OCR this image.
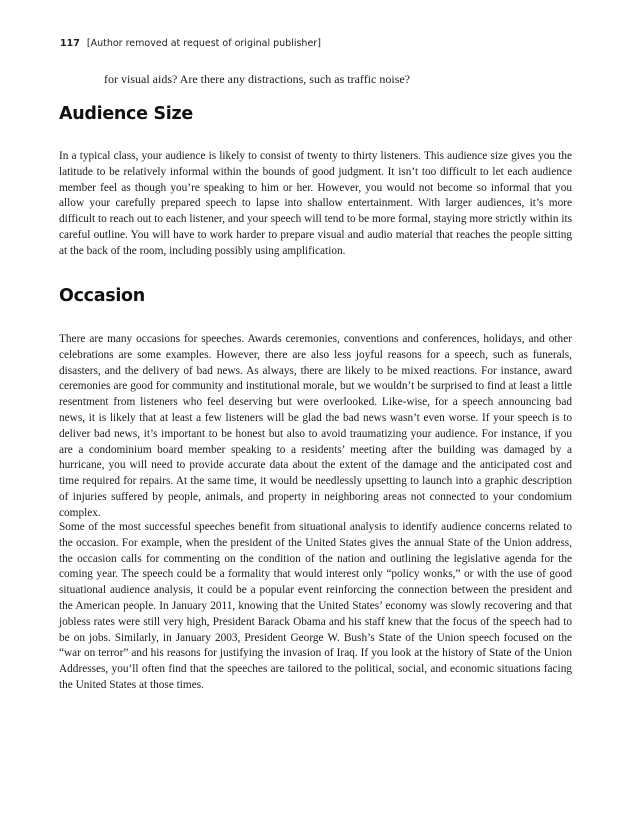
117 [Author removed at request of original publisher]

for visual aids? Are there any distractions, such as traffic noise?

Audience Size

In a typical class, your audience is likely to consist of twenty to thirty listeners. This audience size gives you the latitude to be relatively informal within the bounds of good judgment. It isn’t too difficult to let each audience member feel as though you’re speaking to him or her. However, you would not become so informal that you allow your carefully prepared speech to lapse into shallow entertainment. With larger audiences, it’s more difficult to reach out to each listener, and your speech will tend to be more formal, staying more strictly within its careful outline. You will have to work harder to prepare visual and audio material that reaches the people sitting at the back of the room, including possibly using amplification.

Occasion

There are many occasions for speeches. Awards ceremonies, conventions and conferences, holidays, and other celebrations are some examples. However, there are also less joyful reasons for a speech, such as funerals, disasters, and the delivery of bad news. As always, there are likely to be mixed reactions. For instance, award ceremonies are good for community and institutional morale, but we wouldn’t be surprised to find at least a little resentment from listeners who feel deserving but were overlooked. Like-wise, for a speech announcing bad news, it is likely that at least a few listeners will be glad the bad news wasn’t even worse. If your speech is to deliver bad news, it’s important to be honest but also to avoid traumatizing your audience. For instance, if you are a condominium board member speaking to a residents’ meeting after the building was damaged by a hurricane, you will need to provide accurate data about the extent of the damage and the anticipated cost and time required for repairs. At the same time, it would be needlessly upsetting to launch into a graphic description of injuries suffered by people, animals, and property in neighboring areas not connected to your condomium complex.

Some of the most successful speeches benefit from situational analysis to identify audience concerns related to the occasion. For example, when the president of the United States gives the annual State of the Union address, the occasion calls for commenting on the condition of the nation and outlining the legislative agenda for the coming year. The speech could be a formality that would interest only “policy wonks,” or with the use of good situational audience analysis, it could be a popular event reinforcing the connection between the president and the American people. In January 2011, knowing that the United States’ economy was slowly recovering and that jobless rates were still very high, President Barack Obama and his staff knew that the focus of the speech had to be on jobs. Similarly, in January 2003, President George W. Bush’s State of the Union speech focused on the “war on terror” and his reasons for justifying the invasion of Iraq. If you look at the history of State of the Union Addresses, you’ll often find that the speeches are tailored to the political, social, and economic situations facing the United States at those times.
